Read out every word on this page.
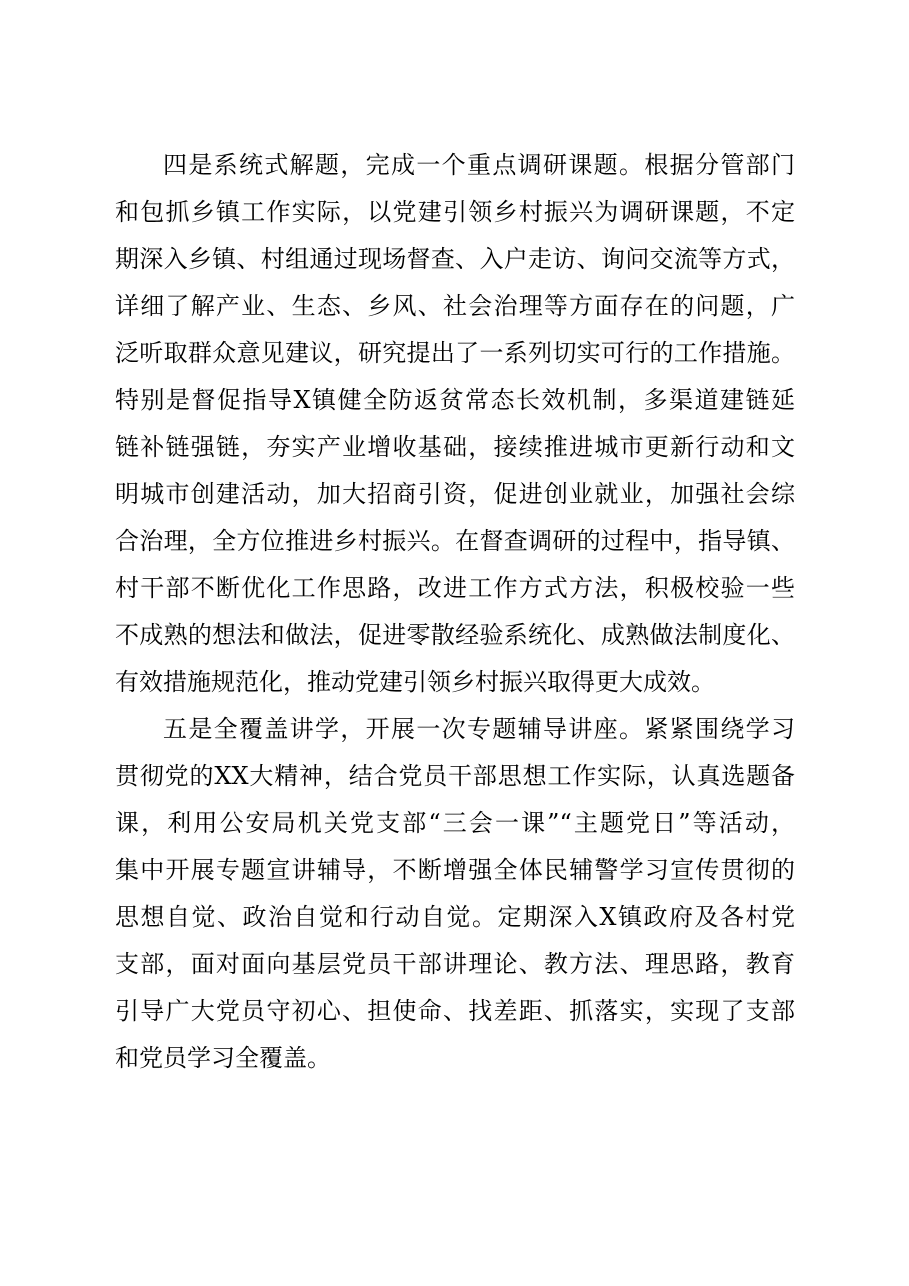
四是系统式解题，完成一个重点调研课题。根据分管部门
和包抓乡镇工作实际，以党建引领乡村振兴为调研课题，不定
期深入乡镇、村组通过现场督查、入户走访、询问交流等方式，
详细了解产业、生态、乡风、社会治理等方面存在的问题，广
泛听取群众意见建议，研究提出了一系列切实可行的工作措施。
特别是督促指导X镇健全防返贫常态长效机制，多渠道建链延
链补链强链，夯实产业增收基础，接续推进城市更新行动和文
明城市创建活动，加大招商引资，促进创业就业，加强社会综
合治理，全方位推进乡村振兴。在督查调研的过程中，指导镇、
村干部不断优化工作思路，改进工作方式方法，积极校验一些
不成熟的想法和做法，促进零散经验系统化、成熟做法制度化、
有效措施规范化，推动党建引领乡村振兴取得更大成效。

五是全覆盖讲学，开展一次专题辅导讲座。紧紧围绕学习
贯彻党的XX大精神，结合党员干部思想工作实际，认真选题备
课，利用公安局机关党支部“三会一课”“主题党日”等活动，
集中开展专题宣讲辅导，不断增强全体民辅警学习宣传贯彻的
思想自觉、政治自觉和行动自觉。定期深入X镇政府及各村党
支部，面对面向基层党员干部讲理论、教方法、理思路，教育
引导广大党员守初心、担使命、找差距、抓落实，实现了支部
和党员学习全覆盖。
